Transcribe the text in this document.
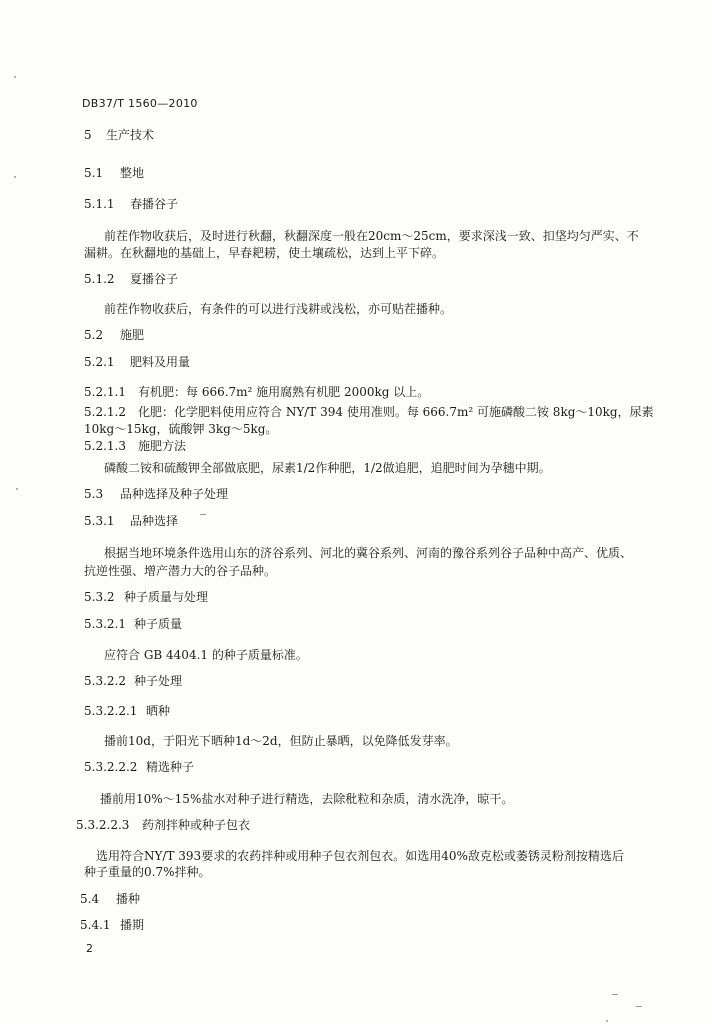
DB37/T 1560—2010
5 生产技术
5.1 整地
5.1.1 春播谷子
前茬作物收获后，及时进行秋翻，秋翻深度一般在20cm～25cm，要求深浅一致、扣垡均匀严实、不
漏耕。在秋翻地的基础上，早春耙耢，使土壤疏松，达到上平下碎。
5.1.2 夏播谷子
前茬作物收获后，有条件的可以进行浅耕或浅松，亦可贴茬播种。
5.2 施肥
5.2.1 肥料及用量
5.2.1.1 有机肥：每 666.7m² 施用腐熟有机肥 2000kg 以上。
5.2.1.2 化肥：化学肥料使用应符合 NY/T 394 使用准则。每 666.7m² 可施磷酸二铵 8kg～10kg，尿素
10kg～15kg，硫酸钾 3kg～5kg。
5.2.1.3 施肥方法
磷酸二铵和硫酸钾全部做底肥，尿素1/2作种肥，1/2做追肥，追肥时间为孕穗中期。
5.3 品种选择及种子处理
5.3.1 品种选择
根据当地环境条件选用山东的济谷系列、河北的冀谷系列、河南的豫谷系列谷子品种中高产、优质、
抗逆性强、增产潜力大的谷子品种。
5.3.2 种子质量与处理
5.3.2.1 种子质量
应符合 GB 4404.1 的种子质量标准。
5.3.2.2 种子处理
5.3.2.2.1 晒种
播前10d，于阳光下晒种1d～2d，但防止暴晒，以免降低发芽率。
5.3.2.2.2 精选种子
播前用10%～15%盐水对种子进行精选，去除秕粒和杂质，清水洗净，晾干。
5.3.2.2.3 药剂拌种或种子包衣
选用符合NY/T 393要求的农药拌种或用种子包衣剂包衣。如选用40%敌克松或萎锈灵粉剂按精选后
种子重量的0.7%拌种。
5.4 播种
5.4.1 播期
2
